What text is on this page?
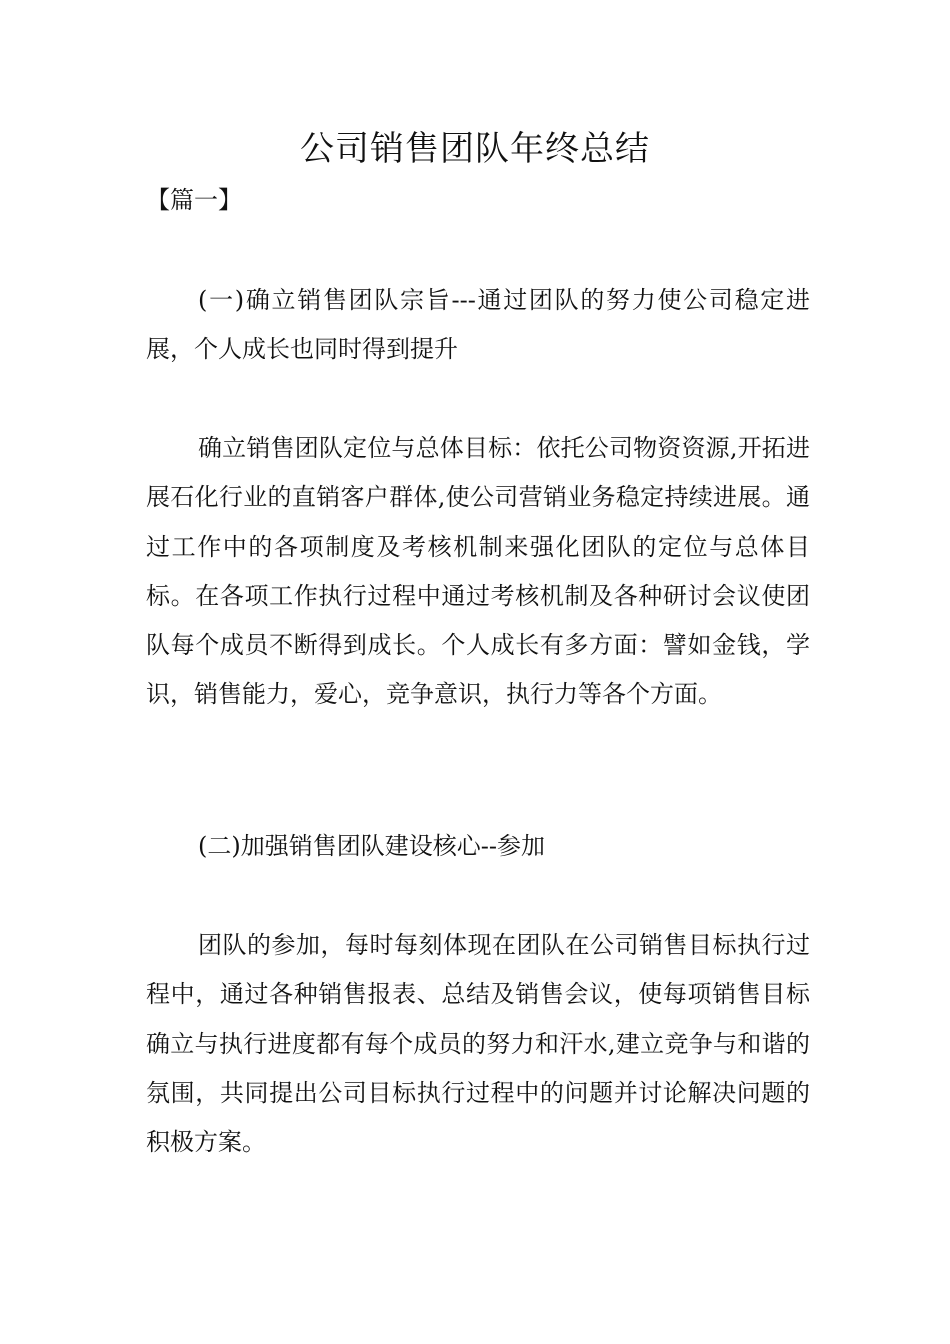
公司销售团队年终总结

【篇一】

(一)确立销售团队宗旨---通过团队的努力使公司稳定进展，个人成长也同时得到提升

确立销售团队定位与总体目标：依托公司物资资源,开拓进展石化行业的直销客户群体,使公司营销业务稳定持续进展。通过工作中的各项制度及考核机制来强化团队的定位与总体目标。在各项工作执行过程中通过考核机制及各种研讨会议使团队每个成员不断得到成长。个人成长有多方面：譬如金钱，学识，销售能力，爱心，竞争意识，执行力等各个方面。

(二)加强销售团队建设核心--参加

团队的参加，每时每刻体现在团队在公司销售目标执行过程中，通过各种销售报表、总结及销售会议，使每项销售目标确立与执行进度都有每个成员的努力和汗水,建立竞争与和谐的氛围，共同提出公司目标执行过程中的问题并讨论解决问题的积极方案。
